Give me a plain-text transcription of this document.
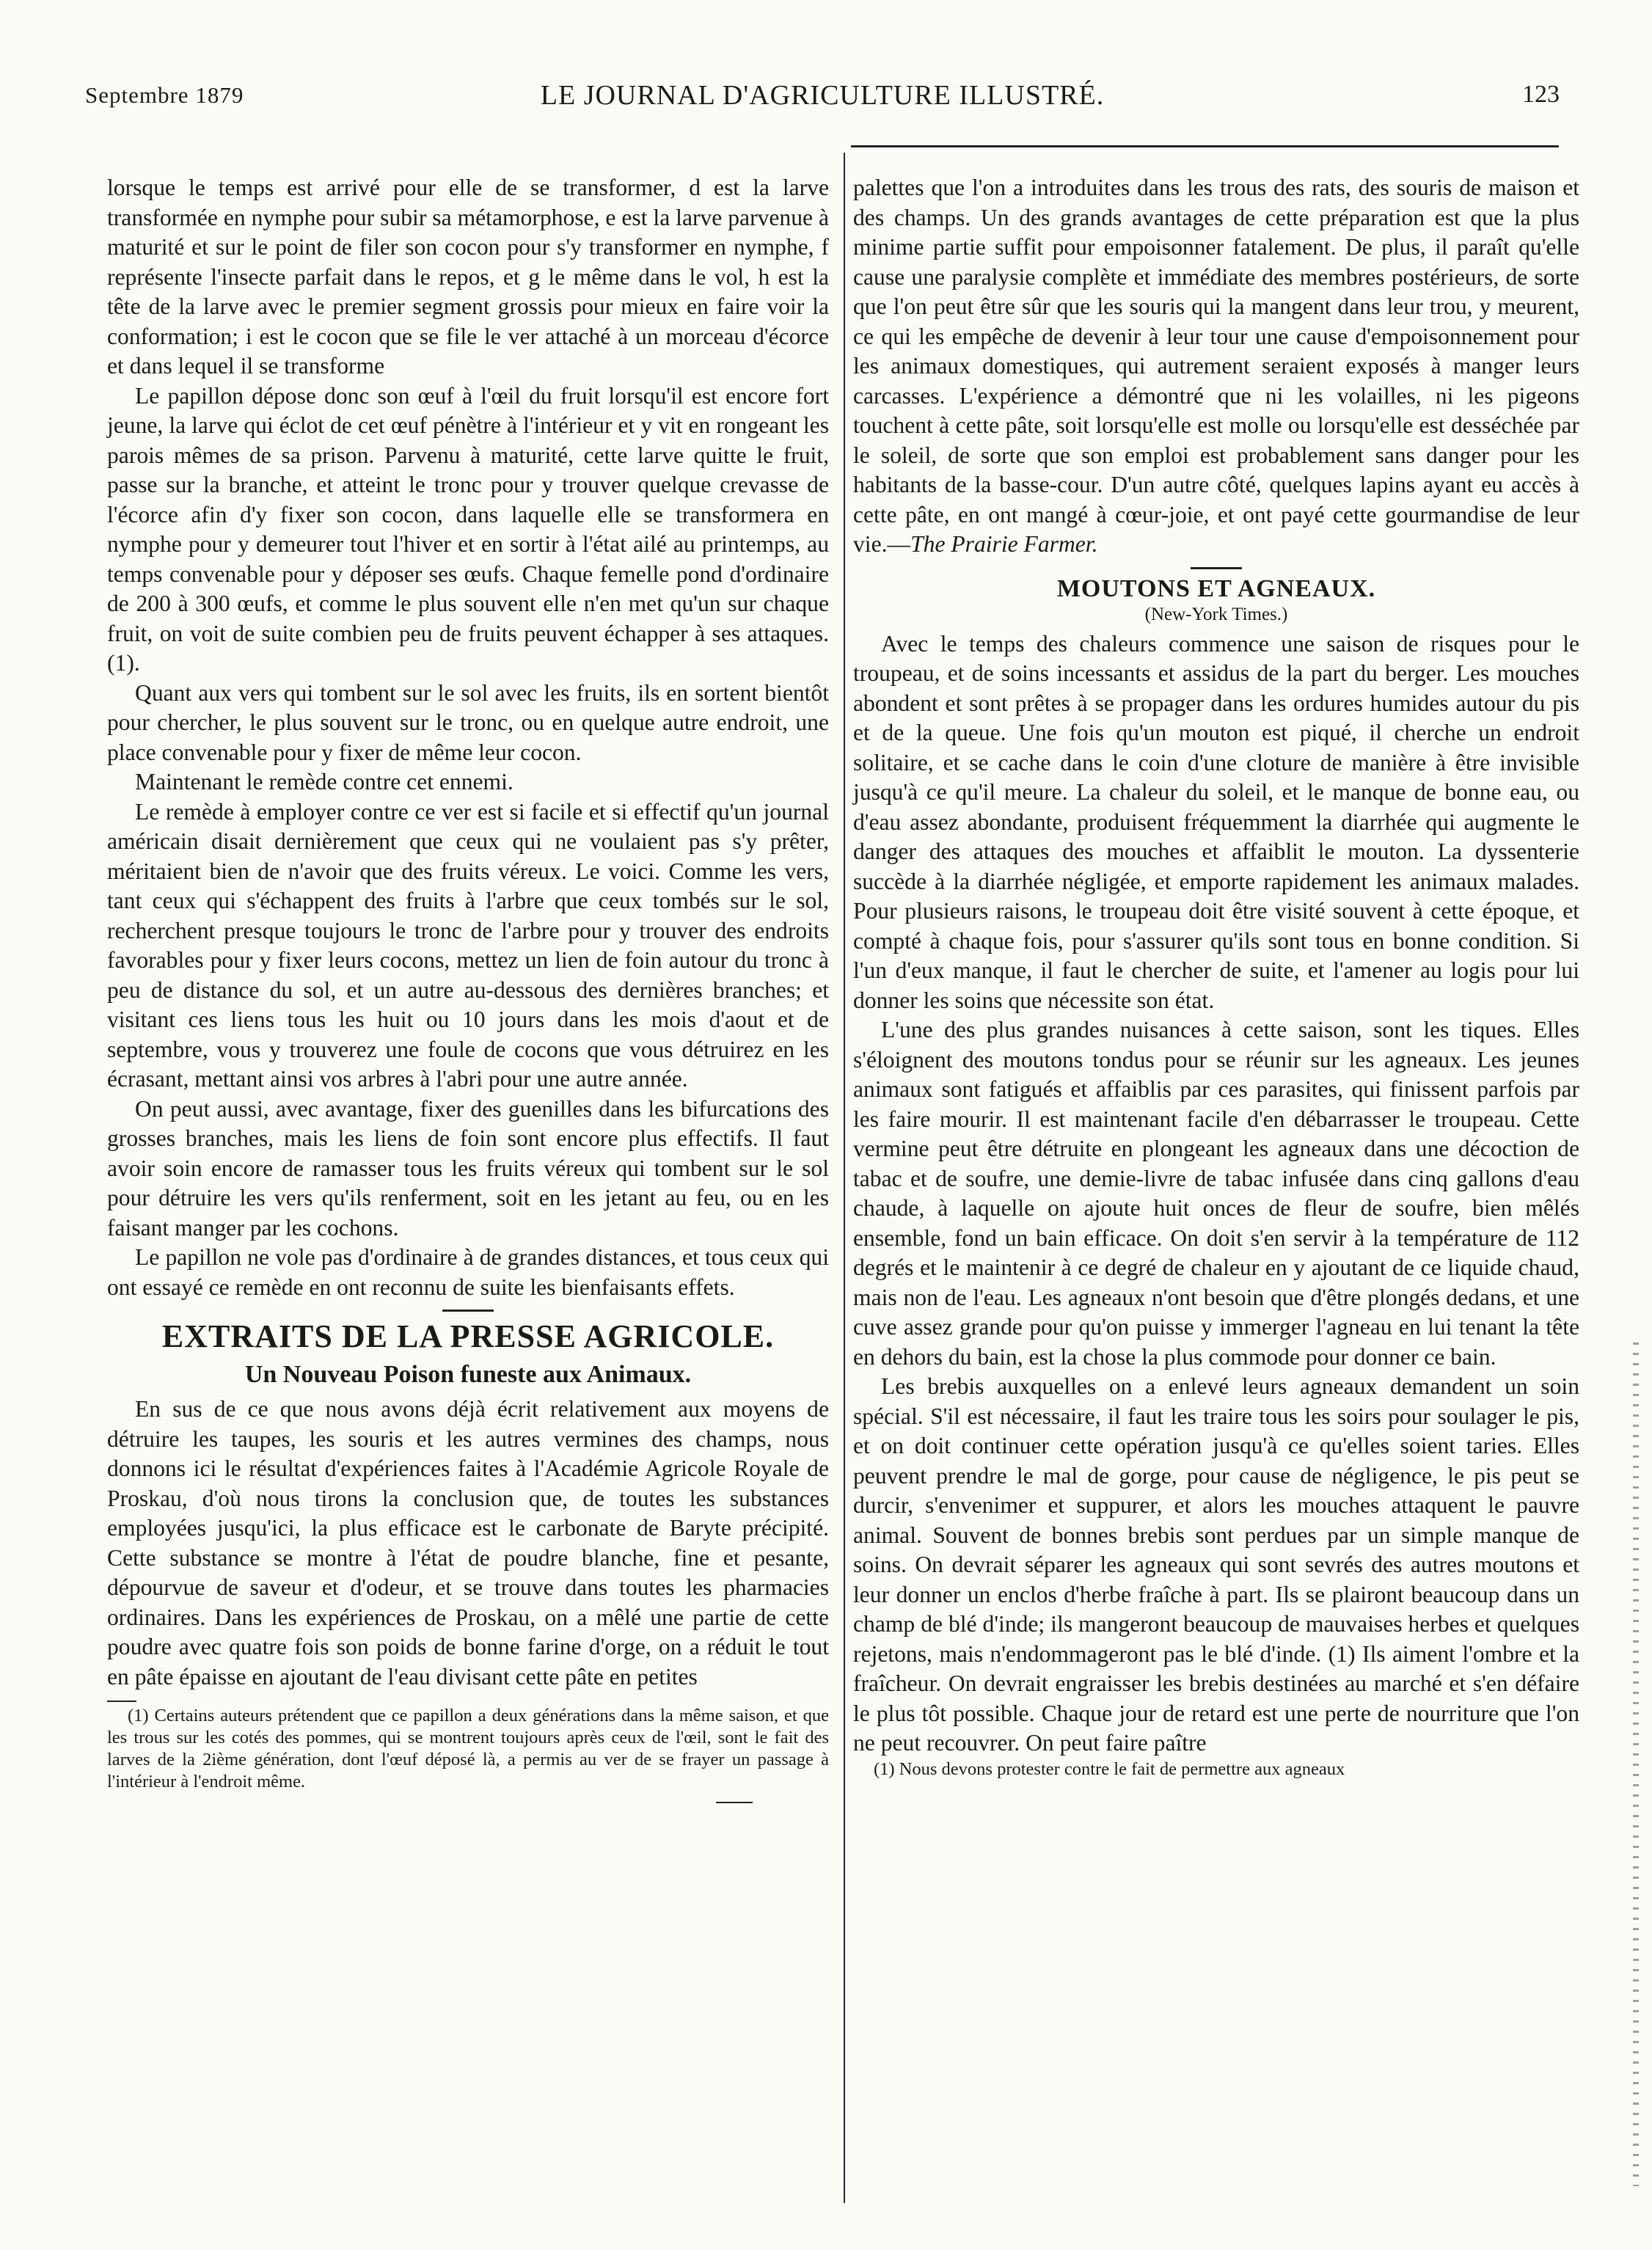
Septembre 1879	LE JOURNAL D'AGRICULTURE ILLUSTRÉ.	123

lorsque le temps est arrivé pour elle de se transformer, d est la larve transformée en nymphe pour subir sa métamorphose, e est la larve parvenue à maturité et sur le point de filer son cocon pour s'y transformer en nymphe, f représente l'insecte parfait dans le repos, et g le même dans le vol, h est la tête de la larve avec le premier segment grossis pour mieux en faire voir la conformation; i est le cocon que se file le ver attaché à un morceau d'écorce et dans lequel il se transforme

Le papillon dépose donc son œuf à l'œil du fruit lorsqu'il est encore fort jeune, la larve qui éclot de cet œuf pénètre à l'intérieur et y vit en rongeant les parois mêmes de sa prison. Parvenu à maturité, cette larve quitte le fruit, passe sur la branche, et atteint le tronc pour y trouver quelque crevasse de l'écorce afin d'y fixer son cocon, dans laquelle elle se transformera en nymphe pour y demeurer tout l'hiver et en sortir à l'état ailé au printemps, au temps convenable pour y déposer ses œufs. Chaque femelle pond d'ordinaire de 200 à 300 œufs, et comme le plus souvent elle n'en met qu'un sur chaque fruit, on voit de suite combien peu de fruits peuvent échapper à ses attaques. (1).

Quant aux vers qui tombent sur le sol avec les fruits, ils en sortent bientôt pour chercher, le plus souvent sur le tronc, ou en quelque autre endroit, une place convenable pour y fixer de même leur cocon.

Maintenant le remède contre cet ennemi.

Le remède à employer contre ce ver est si facile et si effectif qu'un journal américain disait dernièrement que ceux qui ne voulaient pas s'y prêter, méritaient bien de n'avoir que des fruits véreux. Le voici. Comme les vers, tant ceux qui s'échappent des fruits à l'arbre que ceux tombés sur le sol, recherchent presque toujours le tronc de l'arbre pour y trouver des endroits favorables pour y fixer leurs cocons, mettez un lien de foin autour du tronc à peu de distance du sol, et un autre au-dessous des dernières branches; et visitant ces liens tous les huit ou 10 jours dans les mois d'aout et de septembre, vous y trouverez une foule de cocons que vous détruirez en les écrasant, mettant ainsi vos arbres à l'abri pour une autre année.

On peut aussi, avec avantage, fixer des guenilles dans les bifurcations des grosses branches, mais les liens de foin sont encore plus effectifs. Il faut avoir soin encore de ramasser tous les fruits véreux qui tombent sur le sol pour détruire les vers qu'ils renferment, soit en les jetant au feu, ou en les faisant manger par les cochons.

Le papillon ne vole pas d'ordinaire à de grandes distances, et tous ceux qui ont essayé ce remède en ont reconnu de suite les bienfaisants effets.

EXTRAITS DE LA PRESSE AGRICOLE.
Un Nouveau Poison funeste aux Animaux.

En sus de ce que nous avons déjà écrit relativement aux moyens de détruire les taupes, les souris et les autres vermines des champs, nous donnons ici le résultat d'expériences faites à l'Académie Agricole Royale de Proskau, d'où nous tirons la conclusion que, de toutes les substances employées jusqu'ici, la plus efficace est le carbonate de Baryte précipité. Cette substance se montre à l'état de poudre blanche, fine et pesante, dépourvue de saveur et d'odeur, et se trouve dans toutes les pharmacies ordinaires. Dans les expériences de Proskau, on a mêlé une partie de cette poudre avec quatre fois son poids de bonne farine d'orge, on a réduit le tout en pâte épaisse en ajoutant de l'eau divisant cette pâte en petites

(1) Certains auteurs prétendent que ce papillon a deux générations dans la même saison, et que les trous sur les cotés des pommes, qui se montrent toujours après ceux de l'œil, sont le fait des larves de la 2ième génération, dont l'œuf déposé là, a permis au ver de se frayer un passage à l'intérieur à l'endroit même.

palettes que l'on a introduites dans les trous des rats, des souris de maison et des champs. Un des grands avantages de cette préparation est que la plus minime partie suffit pour empoisonner fatalement. De plus, il paraît qu'elle cause une paralysie complète et immédiate des membres postérieurs, de sorte que l'on peut être sûr que les souris qui la mangent dans leur trou, y meurent, ce qui les empêche de devenir à leur tour une cause d'empoisonnement pour les animaux domestiques, qui autrement seraient exposés à manger leurs carcasses. L'expérience a démontré que ni les volailles, ni les pigeons touchent à cette pâte, soit lorsqu'elle est molle ou lorsqu'elle est desséchée par le soleil, de sorte que son emploi est probablement sans danger pour les habitants de la basse-cour. D'un autre côté, quelques lapins ayant eu accès à cette pâte, en ont mangé à cœur-joie, et ont payé cette gourmandise de leur vie.—The Prairie Farmer.

MOUTONS ET AGNEAUX.
(New-York Times.)

Avec le temps des chaleurs commence une saison de risques pour le troupeau, et de soins incessants et assidus de la part du berger. Les mouches abondent et sont prêtes à se propager dans les ordures humides autour du pis et de la queue. Une fois qu'un mouton est piqué, il cherche un endroit solitaire, et se cache dans le coin d'une cloture de manière à être invisible jusqu'à ce qu'il meure. La chaleur du soleil, et le manque de bonne eau, ou d'eau assez abondante, produisent fréquemment la diarrhée qui augmente le danger des attaques des mouches et affaiblit le mouton. La dyssenterie succède à la diarrhée négligée, et emporte rapidement les animaux malades. Pour plusieurs raisons, le troupeau doit être visité souvent à cette époque, et compté à chaque fois, pour s'assurer qu'ils sont tous en bonne condition. Si l'un d'eux manque, il faut le chercher de suite, et l'amener au logis pour lui donner les soins que nécessite son état.

L'une des plus grandes nuisances à cette saison, sont les tiques. Elles s'éloignent des moutons tondus pour se réunir sur les agneaux. Les jeunes animaux sont fatigués et affaiblis par ces parasites, qui finissent parfois par les faire mourir. Il est maintenant facile d'en débarrasser le troupeau. Cette vermine peut être détruite en plongeant les agneaux dans une décoction de tabac et de soufre, une demie-livre de tabac infusée dans cinq gallons d'eau chaude, à laquelle on ajoute huit onces de fleur de soufre, bien mêlés ensemble, fond un bain efficace. On doit s'en servir à la température de 112 degrés et le maintenir à ce degré de chaleur en y ajoutant de ce liquide chaud, mais non de l'eau. Les agneaux n'ont besoin que d'être plongés dedans, et une cuve assez grande pour qu'on puisse y immerger l'agneau en lui tenant la tête en dehors du bain, est la chose la plus commode pour donner ce bain.

Les brebis auxquelles on a enlevé leurs agneaux demandent un soin spécial. S'il est nécessaire, il faut les traire tous les soirs pour soulager le pis, et on doit continuer cette opération jusqu'à ce qu'elles soient taries. Elles peuvent prendre le mal de gorge, pour cause de négligence, le pis peut se durcir, s'envenimer et suppurer, et alors les mouches attaquent le pauvre animal. Souvent de bonnes brebis sont perdues par un simple manque de soins. On devrait séparer les agneaux qui sont sevrés des autres moutons et leur donner un enclos d'herbe fraîche à part. Ils se plairont beaucoup dans un champ de blé d'inde; ils mangeront beaucoup de mauvaises herbes et quelques rejetons, mais n'endommageront pas le blé d'inde. (1) Ils aiment l'ombre et la fraîcheur. On devrait engraisser les brebis destinées au marché et s'en défaire le plus tôt possible. Chaque jour de retard est une perte de nourriture que l'on ne peut recouvrer. On peut faire paître

(1) Nous devons protester contre le fait de permettre aux agneaux
